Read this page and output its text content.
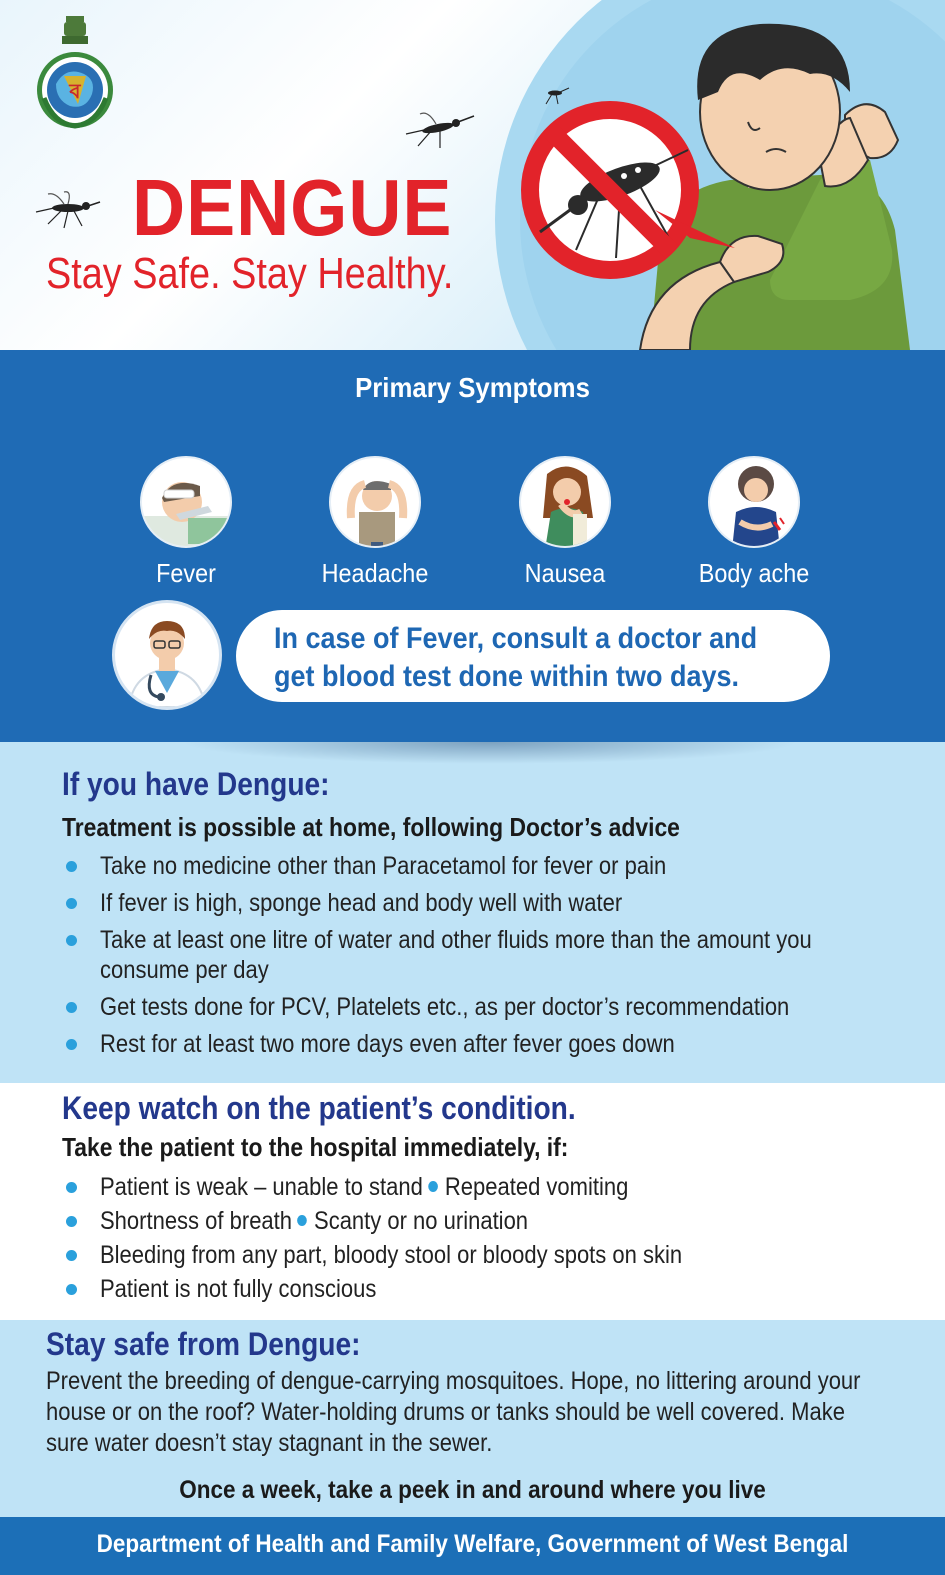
ব
DENGUE
Stay Safe. Stay Healthy.
Primary Symptoms
Fever	Headache	Nausea	Body ache
In case of Fever, consult a doctor and
get blood test done within two days.
If you have Dengue:
Treatment is possible at home, following Doctor’s advice
Take no medicine other than Paracetamol for fever or pain
If fever is high, sponge head and body well with water
Take at least one litre of water and other fluids more than the amount you
consume per day
Get tests done for PCV, Platelets etc., as per doctor’s recommendation
Rest for at least two more days even after fever goes down
Keep watch on the patient’s condition.
Take the patient to the hospital immediately, if:
Patient is weak – unable to stand Repeated vomiting
Shortness of breath Scanty or no urination
Bleeding from any part, bloody stool or bloody spots on skin
Patient is not fully conscious
Stay safe from Dengue:
Prevent the breeding of dengue-carrying mosquitoes. Hope, no littering around your
house or on the roof? Water-holding drums or tanks should be well covered. Make
sure water doesn’t stay stagnant in the sewer.
Once a week, take a peek in and around where you live
Department of Health and Family Welfare, Government of West Bengal
